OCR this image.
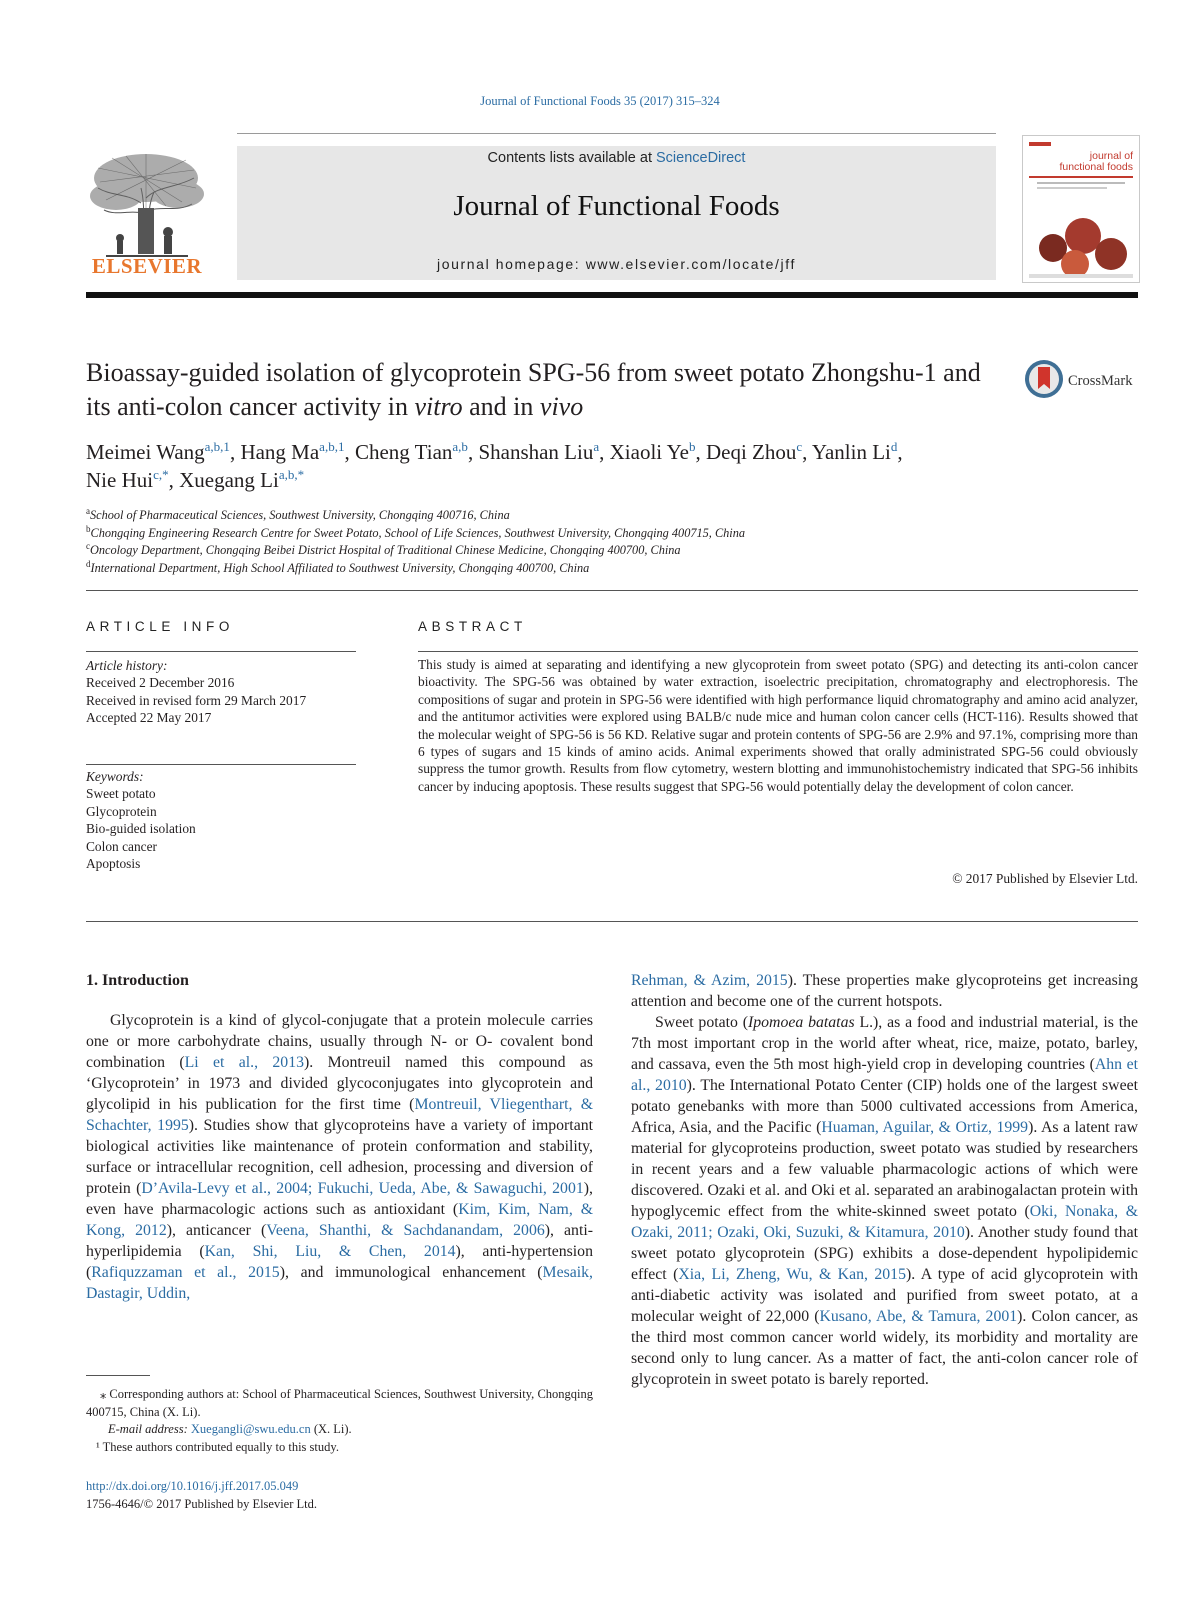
Journal of Functional Foods 35 (2017) 315–324
ELSEVIER
Contents lists available at ScienceDirect
Journal of Functional Foods
journal homepage: www.elsevier.com/locate/jff
journal of
functional foods
Bioassay-guided isolation of glycoprotein SPG-56 from sweet potato Zhongshu-1 and its anti-colon cancer activity in vitro and in vivo
CrossMark
Meimei Wang$^{a,b,1}$, Hang Ma$^{a,b,1}$, Cheng Tian$^{a,b}$, Shanshan Liu$^a$, Xiaoli Ye$^b$, Deqi Zhou$^c$, Yanlin Li$^d$,
Nie Hui$^{c,*}$, Xuegang $Li^{a,b,*}$
$^a$School of Pharmaceutical Sciences, Southwest University, Chongqing 400716, China
$^b$Chongqing Engineering Research Centre for Sweet Potato, School of Life Sciences, Southwest University, Chongqing 400715, China
$^c$Oncology Department, Chongqing Beibei District Hospital of Traditional Chinese Medicine, Chongqing 400700, China
$^d$International Department, High School Affiliated to Southwest University, Chongqing 400700, China
ARTICLE INFO	ABSTRACT
Article history:
Received 2 December 2016
Received in revised form 29 March 2017
Accepted 22 May 2017
Keywords:
Sweet potato
Glycoprotein
Bio-guided isolation
Colon cancer
Apoptosis
This study is aimed at separating and identifying a new glycoprotein from sweet potato (SPG) and detecting its anti-colon cancer bioactivity. The SPG-56 was obtained by water extraction, isoelectric precipitation, chromatography and electrophoresis. The compositions of sugar and protein in SPG-56 were identified with high performance liquid chromatography and amino acid analyzer, and the antitumor activities were explored using BALB/c nude mice and human colon cancer cells (HCT-116). Results showed that the molecular weight of SPG-56 is 56 KD. Relative sugar and protein contents of SPG-56 are 2.9% and 97.1%, comprising more than 6 types of sugars and 15 kinds of amino acids. Animal experiments showed that orally administrated SPG-56 could obviously suppress the tumor growth. Results from flow cytometry, western blotting and immunohistochemistry indicated that SPG-56 inhibits cancer by inducing apoptosis. These results suggest that SPG-56 would potentially delay the development of colon cancer.
© 2017 Published by Elsevier Ltd.

1. Introduction

Glycoprotein is a kind of glycol-conjugate that a protein molecule carries one or more carbohydrate chains, usually through N- or O- covalent bond combination (Li et al., 2013). Montreuil named this compound as ‘Glycoprotein’ in 1973 and divided glycoconjugates into glycoprotein and glycolipid in his publication for the first time (Montreuil, Vliegenthart, & Schachter, 1995). Studies show that glycoproteins have a variety of important biological activities like maintenance of protein conformation and stability, surface or intracellular recognition, cell adhesion, processing and diversion of protein (D’Avila-Levy et al., 2004; Fukuchi, Ueda, Abe, & Sawaguchi, 2001), even have pharmacologic actions such as antioxidant (Kim, Kim, Nam, & Kong, 2012), anticancer (Veena, Shanthi, & Sachdanandam, 2006), anti-hyperlipidemia (Kan, Shi, Liu, & Chen, 2014), anti-hypertension (Rafiquzzaman et al., 2015), and immunological enhancement (Mesaik, Dastagir, Uddin,

Rehman, & Azim, 2015). These properties make glycoproteins get increasing attention and become one of the current hotspots.

Sweet potato (Ipomoea batatas L.), as a food and industrial material, is the 7th most important crop in the world after wheat, rice, maize, potato, barley, and cassava, even the 5th most high-yield crop in developing countries (Ahn et al., 2010). The International Potato Center (CIP) holds one of the largest sweet potato genebanks with more than 5000 cultivated accessions from America, Africa, Asia, and the Pacific (Huaman, Aguilar, & Ortiz, 1999). As a latent raw material for glycoproteins production, sweet potato was studied by researchers in recent years and a few valuable pharmacologic actions of which were discovered. Ozaki et al. and Oki et al. separated an arabinogalactan protein with hypoglycemic effect from the white-skinned sweet potato (Oki, Nonaka, & Ozaki, 2011; Ozaki, Oki, Suzuki, & Kitamura, 2010). Another study found that sweet potato glycoprotein (SPG) exhibits a dose-dependent hypolipidemic effect (Xia, Li, Zheng, Wu, & Kan, 2015). A type of acid glycoprotein with anti-diabetic activity was isolated and purified from sweet potato, at a molecular weight of 22,000 (Kusano, Abe, & Tamura, 2001). Colon cancer, as the third most common cancer world widely, its morbidity and mortality are second only to lung cancer. As a matter of fact, the anti-colon cancer role of glycoprotein in sweet potato is barely reported.

⁎ Corresponding authors at: School of Pharmaceutical Sciences, Southwest University, Chongqing 400715, China (X. Li).
E-mail address: Xuegangli@swu.edu.cn (X. Li).
¹ These authors contributed equally to this study.
http://dx.doi.org/10.1016/j.jff.2017.05.049
1756-4646/© 2017 Published by Elsevier Ltd.
